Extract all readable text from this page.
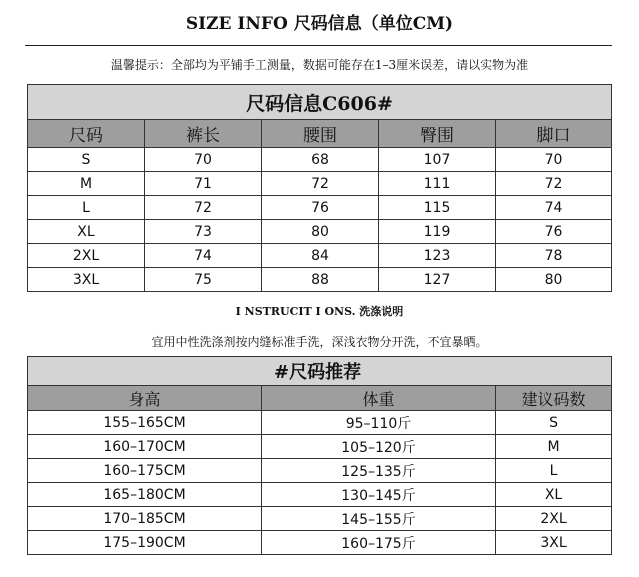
SIZE INFO 尺码信息（单位CM)
温馨提示：全部均为平铺手工测量，数据可能存在1–3厘米误差，请以实物为准
尺码信息C606#				
尺码	裤长	腰围	臀围	脚口
S	70	68	107	70
M	71	72	111	72
L	72	76	115	74
XL	73	80	119	76
2XL	74	84	123	78
3XL	75	88	127	80
I NSTRUCIT I ONS. 洗涤说明
宜用中性洗涤剂按内缝标准手洗，深浅衣物分开洗，不宜暴晒。
#尺码推荐		
身高	体重	建议码数
155–165CM	95–110斤	S
160–170CM	105–120斤	M
160–175CM	125–135斤	L
165–180CM	130–145斤	XL
170–185CM	145–155斤	2XL
175–190CM	160–175斤	3XL
